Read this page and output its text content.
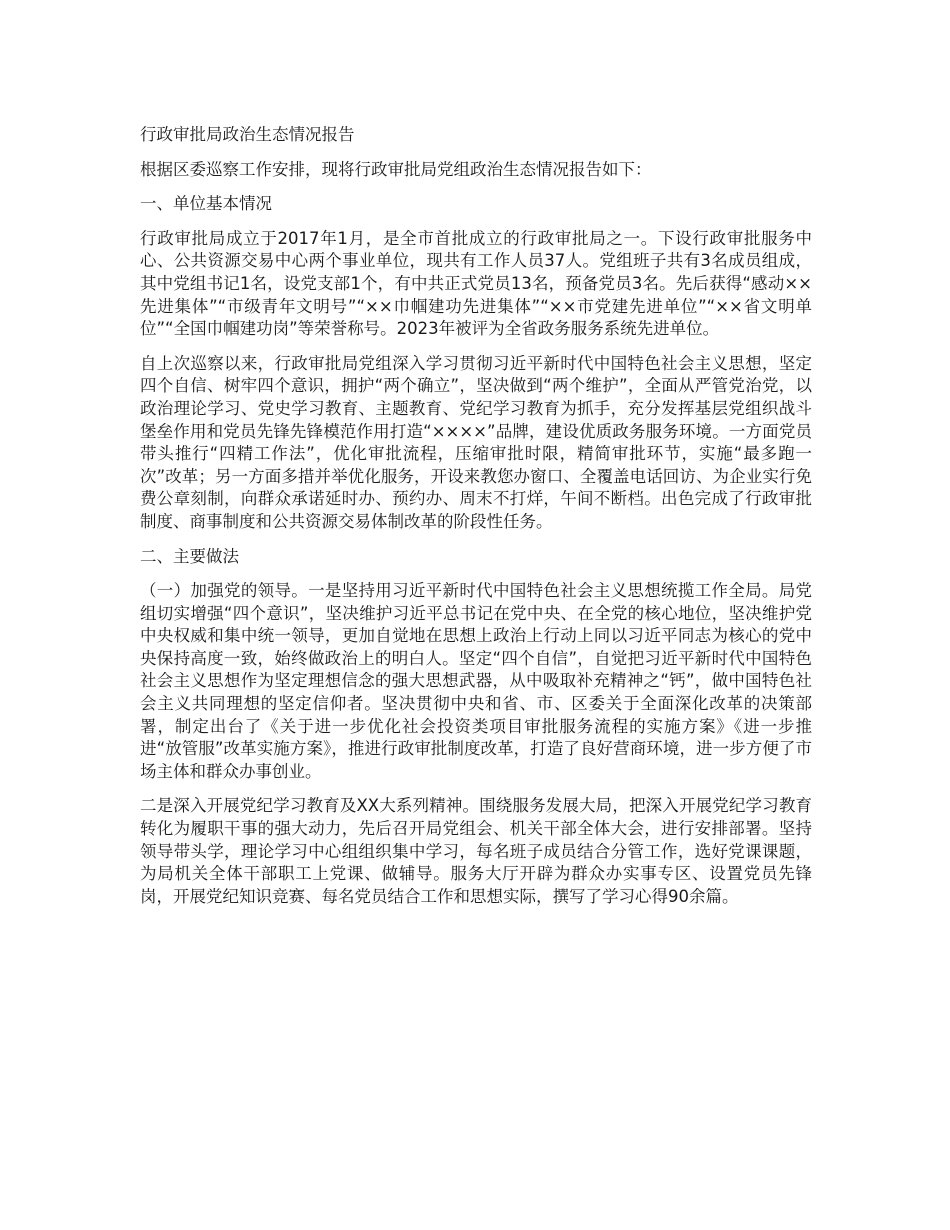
行政审批局政治生态情况报告

根据区委巡察工作安排，现将行政审批局党组政治生态情况报告如下：

一、单位基本情况

行政审批局成立于2017年1月，是全市首批成立的行政审批局之一。下设行政审批服务中心、公共资源交易中心两个事业单位，现共有工作人员37人。党组班子共有3名成员组成，其中党组书记1名，设党支部1个，有中共正式党员13名，预备党员3名。先后获得“感动××先进集体”“市级青年文明号”“××巾帼建功先进集体”“××市党建先进单位”“××省文明单位”“全国巾帼建功岗”等荣誉称号。2023年被评为全省政务服务系统先进单位。

自上次巡察以来，行政审批局党组深入学习贯彻习近平新时代中国特色社会主义思想，坚定四个自信、树牢四个意识，拥护“两个确立”，坚决做到“两个维护”，全面从严管党治党，以政治理论学习、党史学习教育、主题教育、党纪学习教育为抓手，充分发挥基层党组织战斗堡垒作用和党员先锋先锋模范作用打造“××××”品牌，建设优质政务服务环境。一方面党员带头推行“四精工作法”，优化审批流程，压缩审批时限，精简审批环节，实施“最多跑一次”改革；另一方面多措并举优化服务，开设来教您办窗口、全覆盖电话回访、为企业实行免费公章刻制，向群众承诺延时办、预约办、周末不打烊，午间不断档。出色完成了行政审批制度、商事制度和公共资源交易体制改革的阶段性任务。

二、主要做法

（一）加强党的领导。一是坚持用习近平新时代中国特色社会主义思想统揽工作全局。局党组切实增强“四个意识”，坚决维护习近平总书记在党中央、在全党的核心地位，坚决维护党中央权威和集中统一领导，更加自觉地在思想上政治上行动上同以习近平同志为核心的党中央保持高度一致，始终做政治上的明白人。坚定“四个自信”，自觉把习近平新时代中国特色社会主义思想作为坚定理想信念的强大思想武器，从中吸取补充精神之“钙”，做中国特色社会主义共同理想的坚定信仰者。坚决贯彻中央和省、市、区委关于全面深化改革的决策部署，制定出台了《关于进一步优化社会投资类项目审批服务流程的实施方案》《进一步推进“放管服”改革实施方案》，推进行政审批制度改革，打造了良好营商环境，进一步方便了市场主体和群众办事创业。

二是深入开展党纪学习教育及XX大系列精神。围绕服务发展大局，把深入开展党纪学习教育转化为履职干事的强大动力，先后召开局党组会、机关干部全体大会，进行安排部署。坚持领导带头学，理论学习中心组组织集中学习，每名班子成员结合分管工作，选好党课课题，为局机关全体干部职工上党课、做辅导。服务大厅开辟为群众办实事专区、设置党员先锋岗，开展党纪知识竞赛、每名党员结合工作和思想实际，撰写了学习心得90余篇。
